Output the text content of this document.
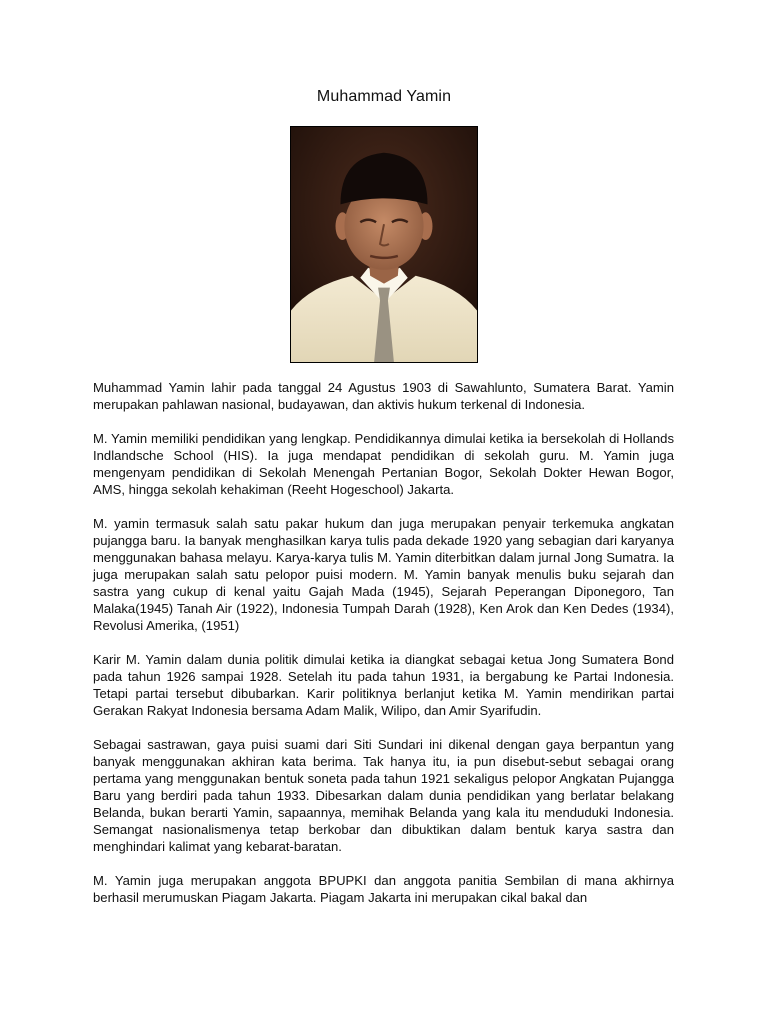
Muhammad Yamin

Muhammad Yamin lahir pada tanggal 24 Agustus 1903 di Sawahlunto, Sumatera Barat. Yamin merupakan pahlawan nasional, budayawan, dan aktivis hukum terkenal di Indonesia.

M. Yamin memiliki pendidikan yang lengkap. Pendidikannya dimulai ketika ia bersekolah di Hollands Indlandsche School (HIS). Ia juga mendapat pendidikan di sekolah guru. M. Yamin juga mengenyam pendidikan di Sekolah Menengah Pertanian Bogor, Sekolah Dokter Hewan Bogor, AMS, hingga sekolah kehakiman (Reeht Hogeschool) Jakarta.

M. yamin termasuk salah satu pakar hukum dan juga merupakan penyair terkemuka angkatan pujangga baru. Ia banyak menghasilkan karya tulis pada dekade 1920 yang sebagian dari karyanya menggunakan bahasa melayu. Karya-karya tulis M. Yamin diterbitkan dalam jurnal Jong Sumatra. Ia juga merupakan salah satu pelopor puisi modern. M. Yamin banyak menulis buku sejarah dan sastra yang cukup di kenal yaitu Gajah Mada (1945), Sejarah Peperangan Diponegoro, Tan Malaka(1945) Tanah Air (1922), Indonesia Tumpah Darah (1928), Ken Arok dan Ken Dedes (1934), Revolusi Amerika, (1951)

Karir M. Yamin dalam dunia politik dimulai ketika ia diangkat sebagai ketua Jong Sumatera Bond pada tahun 1926 sampai 1928. Setelah itu pada tahun 1931, ia bergabung ke Partai Indonesia. Tetapi partai tersebut dibubarkan. Karir politiknya berlanjut ketika M. Yamin mendirikan partai Gerakan Rakyat Indonesia bersama Adam Malik, Wilipo, dan Amir Syarifudin.

Sebagai sastrawan, gaya puisi suami dari Siti Sundari ini dikenal dengan gaya berpantun yang banyak menggunakan akhiran kata berima. Tak hanya itu, ia pun disebut-sebut sebagai orang pertama yang menggunakan bentuk soneta pada tahun 1921 sekaligus pelopor Angkatan Pujangga Baru yang berdiri pada tahun 1933. Dibesarkan dalam dunia pendidikan yang berlatar belakang Belanda, bukan berarti Yamin, sapaannya, memihak Belanda yang kala itu menduduki Indonesia. Semangat nasionalismenya tetap berkobar dan dibuktikan dalam bentuk karya sastra dan menghindari kalimat yang kebarat-baratan.

M. Yamin juga merupakan anggota BPUPKI dan anggota panitia Sembilan di mana akhirnya berhasil merumuskan Piagam Jakarta. Piagam Jakarta ini merupakan cikal bakal dan
